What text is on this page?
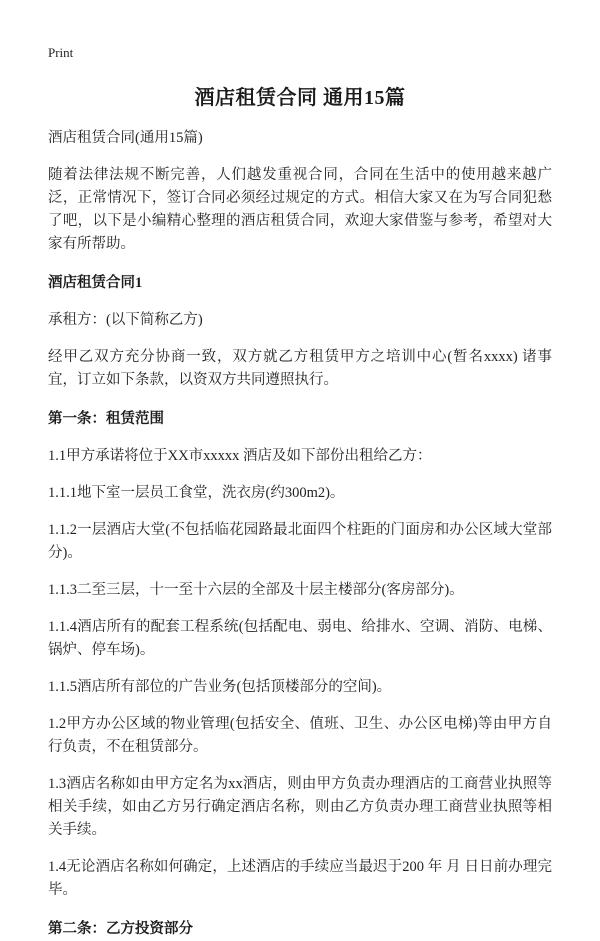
Print
酒店租赁合同 通用15篇

酒店租赁合同(通用15篇)

随着法律法规不断完善，人们越发重视合同，合同在生活中的使用越来越广泛，正常情况下，签订合同必须经过规定的方式。相信大家又在为写合同犯愁了吧，以下是小编精心整理的酒店租赁合同，欢迎大家借鉴与参考，希望对大家有所帮助。

酒店租赁合同1

承租方：(以下简称乙方)

经甲乙双方充分协商一致，双方就乙方租赁甲方之培训中心(暂名xxxx) 诸事宜，订立如下条款，以资双方共同遵照执行。

第一条：租赁范围

1.1甲方承诺将位于XX市xxxxx 酒店及如下部份出租给乙方：

1.1.1地下室一层员工食堂，洗衣房(约300m2)。

1.1.2一层酒店大堂(不包括临花园路最北面四个柱距的门面房和办公区域大堂部分)。

1.1.3二至三层，十一至十六层的全部及十层主楼部分(客房部分)。

1.1.4酒店所有的配套工程系统(包括配电、弱电、给排水、空调、消防、电梯、锅炉、停车场)。

1.1.5酒店所有部位的广告业务(包括顶楼部分的空间)。

1.2甲方办公区域的物业管理(包括安全、值班、卫生、办公区电梯)等由甲方自行负责，不在租赁部分。

1.3酒店名称如由甲方定名为xx酒店，则由甲方负责办理酒店的工商营业执照等相关手续，如由乙方另行确定酒店名称，则由乙方负责办理工商营业执照等相关手续。

1.4无论酒店名称如何确定，上述酒店的手续应当最迟于200 年 月 日日前办理完毕。

第二条：乙方投资部分
